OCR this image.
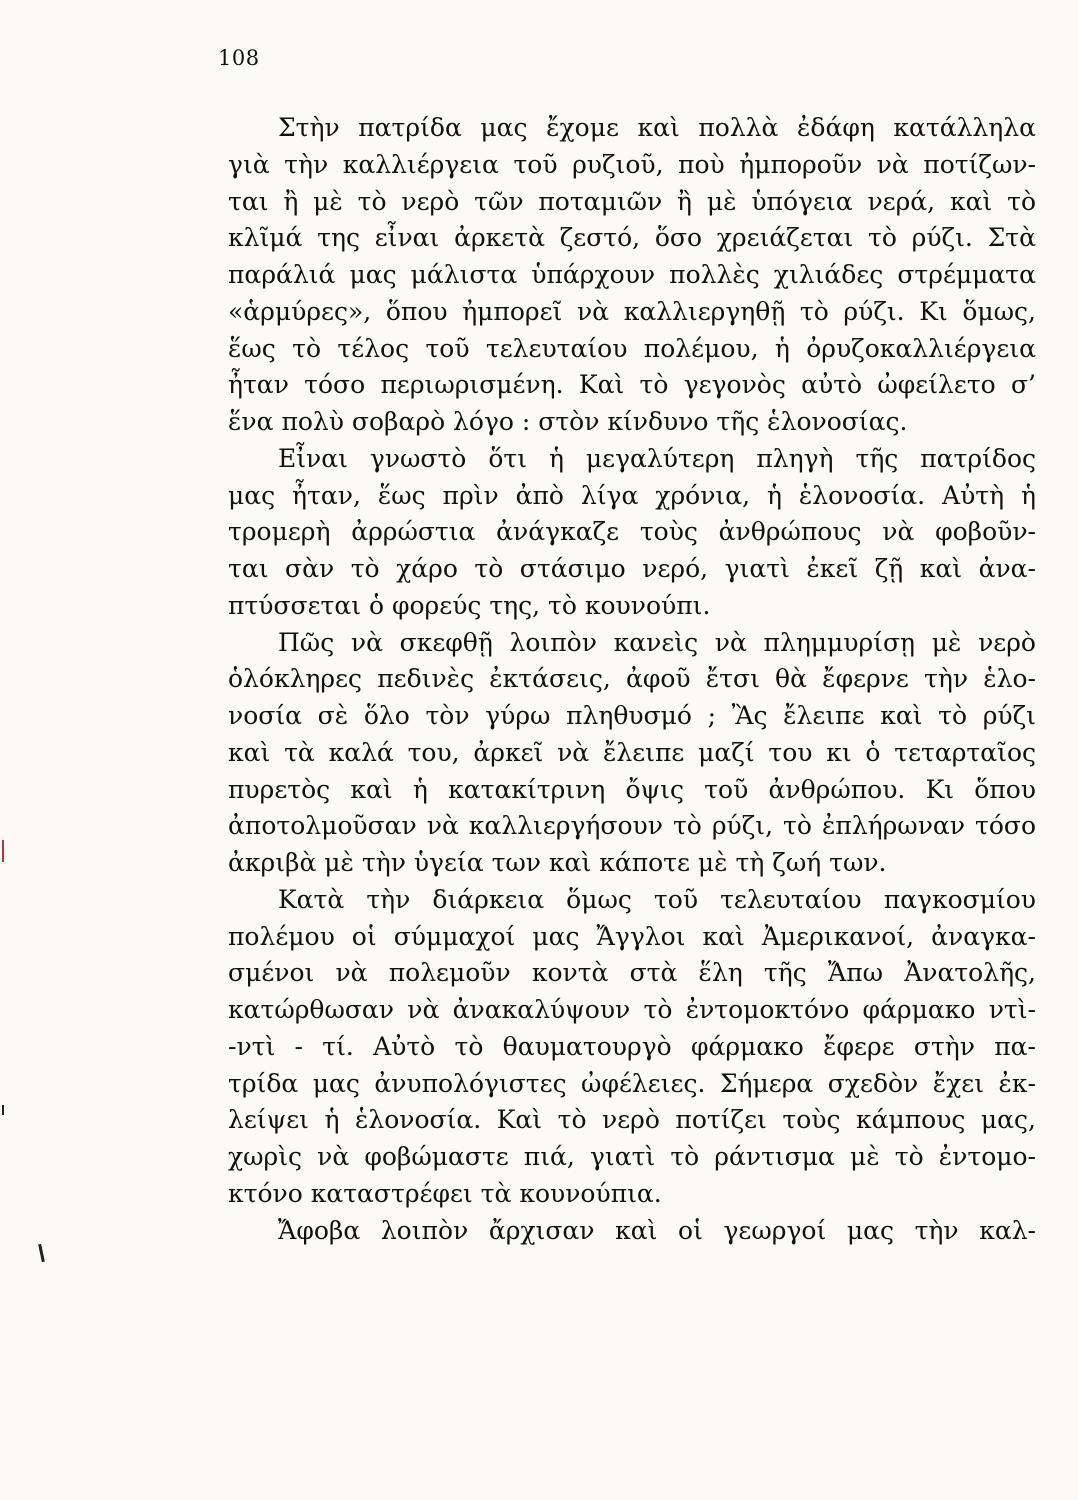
108
Στὴν πατρίδα μας ἔχομε καὶ πολλὰ ἐδάφη κατάλληλα
γιὰ τὴν καλλιέργεια τοῦ ρυζιοῦ, ποὺ ἠμποροῦν νὰ ποτίζων-
ται ἢ μὲ τὸ νερὸ τῶν ποταμιῶν ἢ μὲ ὑπόγεια νερά, καὶ τὸ
κλῖμά της εἶναι ἀρκετὰ ζεστό, ὅσο χρειάζεται τὸ ρύζι. Στὰ
παράλιά μας μάλιστα ὑπάρχουν πολλὲς χιλιάδες στρέμματα
«ἁρμύρες», ὅπου ἠμπορεῖ νὰ καλλιεργηθῇ τὸ ρύζι. Κι ὅμως,
ἕως τὸ τέλος τοῦ τελευταίου πολέμου, ἡ ὀρυζοκαλλιέργεια
ἦταν τόσο περιωρισμένη. Καὶ τὸ γεγονὸς αὐτὸ ὠφείλετο σ’
ἕνα πολὺ σοβαρὸ λόγο : στὸν κίνδυνο τῆς ἑλονοσίας.
Εἶναι γνωστὸ ὅτι ἡ μεγαλύτερη πληγὴ τῆς πατρίδος
μας ἦταν, ἕως πρὶν ἀπὸ λίγα χρόνια, ἡ ἑλονοσία. Αὐτὴ ἡ
τρομερὴ ἀρρώστια ἀνάγκαζε τοὺς ἀνθρώπους νὰ φοβοῦν-
ται σὰν τὸ χάρο τὸ στάσιμο νερό, γιατὶ ἐκεῖ ζῇ καὶ ἀνα-
πτύσσεται ὁ φορεύς της, τὸ κουνούπι.
Πῶς νὰ σκεφθῇ λοιπὸν κανεὶς νὰ πλημμυρίσῃ μὲ νερὸ
ὁλόκληρες πεδινὲς ἐκτάσεις, ἀφοῦ ἔτσι θὰ ἔφερνε τὴν ἑλο-
νοσία σὲ ὅλο τὸν γύρω πληθυσμό ; Ἂς ἔλειπε καὶ τὸ ρύζι
καὶ τὰ καλά του, ἀρκεῖ νὰ ἔλειπε μαζί του κι ὁ τεταρταῖος
πυρετὸς καὶ ἡ κατακίτρινη ὄψις τοῦ ἀνθρώπου. Κι ὅπου
ἀποτολμοῦσαν νὰ καλλιεργήσουν τὸ ρύζι, τὸ ἐπλήρωναν τόσο
ἀκριβὰ μὲ τὴν ὑγεία των καὶ κάποτε μὲ τὴ ζωή των.
Κατὰ τὴν διάρκεια ὅμως τοῦ τελευταίου παγκοσμίου
πολέμου οἱ σύμμαχοί μας Ἄγγλοι καὶ Ἀμερικανοί, ἀναγκα-
σμένοι νὰ πολεμοῦν κοντὰ στὰ ἕλη τῆς Ἄπω Ἀνατολῆς,
κατώρθωσαν νὰ ἀνακαλύψουν τὸ ἐντομοκτόνο φάρμακο ντὶ-
-ντὶ - τί. Αὐτὸ τὸ θαυματουργὸ φάρμακο ἔφερε στὴν πα-
τρίδα μας ἀνυπολόγιστες ὠφέλειες. Σήμερα σχεδὸν ἔχει ἐκ-
λείψει ἡ ἑλονοσία. Καὶ τὸ νερὸ ποτίζει τοὺς κάμπους μας,
χωρὶς νὰ φοβώμαστε πιά, γιατὶ τὸ ράντισμα μὲ τὸ ἐντομο-
κτόνο καταστρέφει τὰ κουνούπια.
Ἄφοβα λοιπὸν ἄρχισαν καὶ οἱ γεωργοί μας τὴν καλ-
